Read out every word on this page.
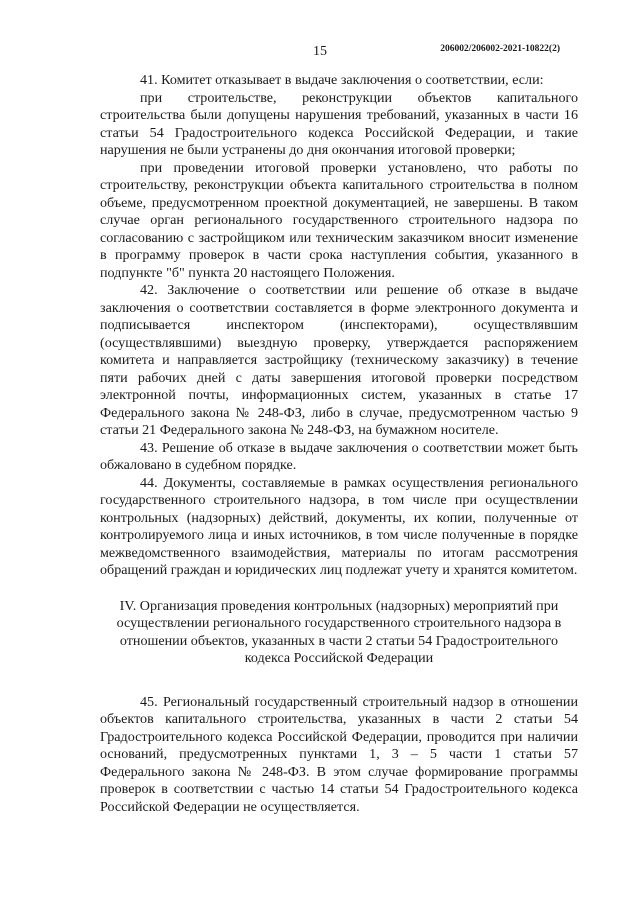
15	206002/206002-2021-10822(2)

41. Комитет отказывает в выдаче заключения о соответствии, если:

при строительстве, реконструкции объектов капитального строительства были допущены нарушения требований, указанных в части 16 статьи 54 Градостроительного кодекса Российской Федерации, и такие нарушения не были устранены до дня окончания итоговой проверки;

при проведении итоговой проверки установлено, что работы по строительству, реконструкции объекта капитального строительства в полном объеме, предусмотренном проектной документацией, не завершены. В таком случае орган регионального государственного строительного надзора по согласованию с застройщиком или техническим заказчиком вносит изменение в программу проверок в части срока наступления события, указанного в подпункте "б" пункта 20 настоящего Положения.

42. Заключение о соответствии или решение об отказе в выдаче заключения о соответствии составляется в форме электронного документа и подписывается инспектором (инспекторами), осуществлявшим (осуществлявшими) выездную проверку, утверждается распоряжением комитета и направляется застройщику (техническому заказчику) в течение пяти рабочих дней с даты завершения итоговой проверки посредством электронной почты, информационных систем, указанных в статье 17 Федерального закона № 248-ФЗ, либо в случае, предусмотренном частью 9 статьи 21 Федерального закона № 248-ФЗ, на бумажном носителе.

43. Решение об отказе в выдаче заключения о соответствии может быть обжаловано в судебном порядке.

44. Документы, составляемые в рамках осуществления регионального государственного строительного надзора, в том числе при осуществлении контрольных (надзорных) действий, документы, их копии, полученные от контролируемого лица и иных источников, в том числе полученные в порядке межведомственного взаимодействия, материалы по итогам рассмотрения обращений граждан и юридических лиц подлежат учету и хранятся комитетом.

IV. Организация проведения контрольных (надзорных) мероприятий при осуществлении регионального государственного строительного надзора в отношении объектов, указанных в части 2 статьи 54 Градостроительного кодекса Российской Федерации

45. Региональный государственный строительный надзор в отношении объектов капитального строительства, указанных в части 2 статьи 54 Градостроительного кодекса Российской Федерации, проводится при наличии оснований, предусмотренных пунктами 1, 3 – 5 части 1 статьи 57 Федерального закона № 248-ФЗ. В этом случае формирование программы проверок в соответствии с частью 14 статьи 54 Градостроительного кодекса Российской Федерации не осуществляется.
